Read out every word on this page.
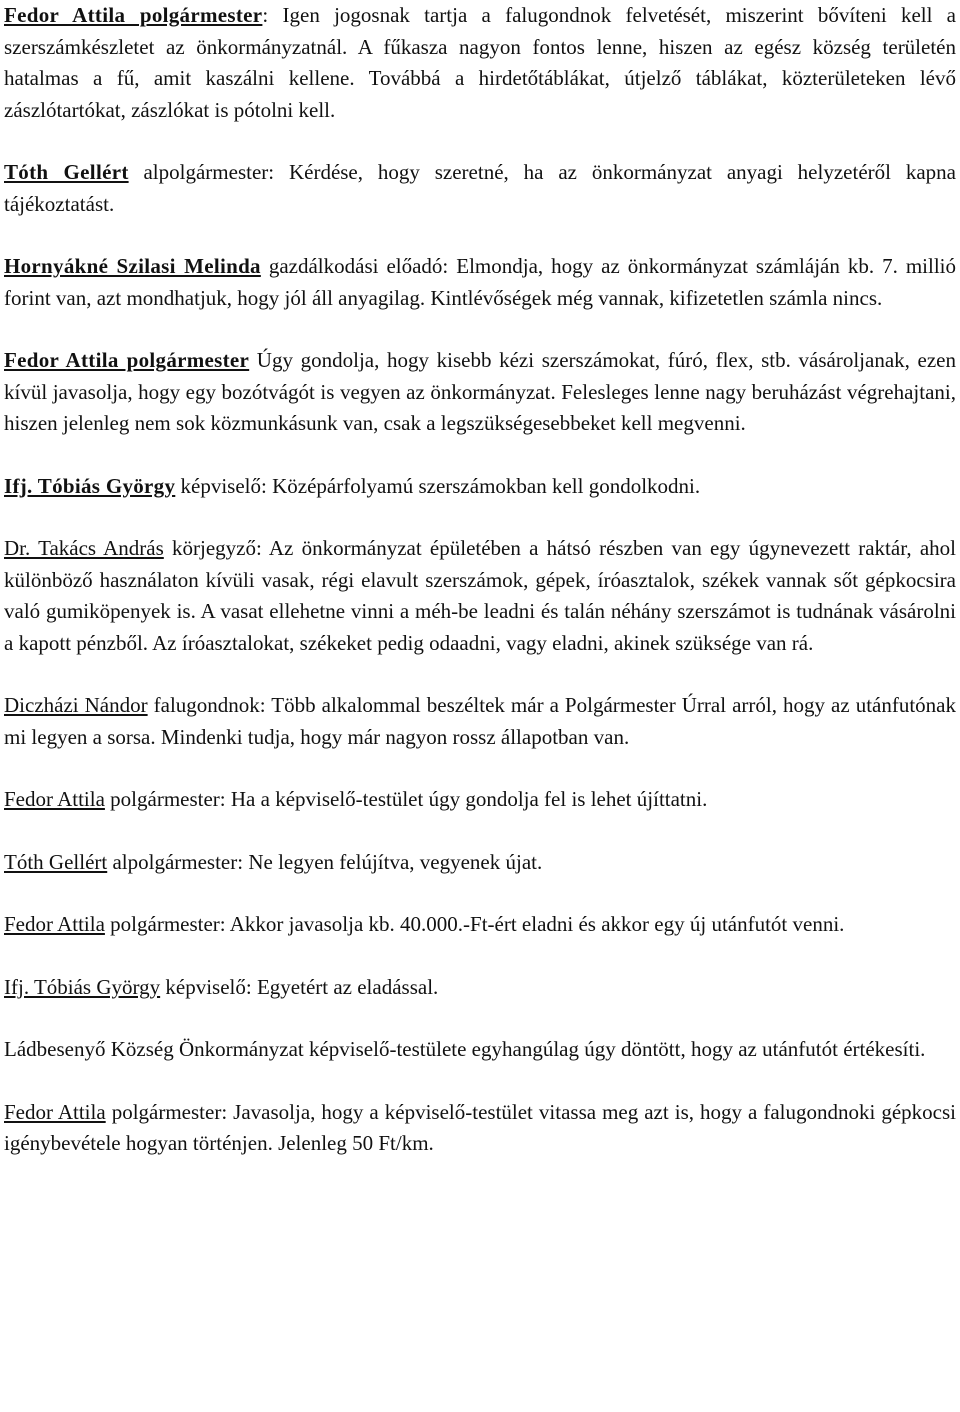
Fedor Attila polgármester: Igen jogosnak tartja a falugondnok felvetését, miszerint bővíteni kell a szerszámkészletet az önkormányzatnál. A fűkasza nagyon fontos lenne, hiszen az egész község területén hatalmas a fű, amit kaszálni kellene. Továbbá a hirdetőtáblákat, útjelző táblákat, közterületeken lévő zászlótartókat, zászlókat is pótolni kell.

Tóth Gellért alpolgármester: Kérdése, hogy szeretné, ha az önkormányzat anyagi helyzetéről kapna tájékoztatást.

Hornyákné Szilasi Melinda gazdálkodási előadó: Elmondja, hogy az önkormányzat számláján kb. 7. millió forint van, azt mondhatjuk, hogy jól áll anyagilag. Kintlévőségek még vannak, kifizetetlen számla nincs.

Fedor Attila polgármester Úgy gondolja, hogy kisebb kézi szerszámokat, fúró, flex, stb. vásároljanak, ezen kívül javasolja, hogy egy bozótvágót is vegyen az önkormányzat. Felesleges lenne nagy beruházást végrehajtani, hiszen jelenleg nem sok közmunkásunk van, csak a legszükségesebbeket kell megvenni.

Ifj. Tóbiás György képviselő: Középárfolyamú szerszámokban kell gondolkodni.

Dr. Takács András körjegyző: Az önkormányzat épületében a hátsó részben van egy úgynevezett raktár, ahol különböző használaton kívüli vasak, régi elavult szerszámok, gépek, íróasztalok, székek vannak sőt gépkocsira való gumiköpenyek is. A vasat ellehetne vinni a méh-be leadni és talán néhány szerszámot is tudnának vásárolni a kapott pénzből. Az íróasztalokat, székeket pedig odaadni, vagy eladni, akinek szüksége van rá.

Diczházi Nándor falugondnok: Több alkalommal beszéltek már a Polgármester Úrral arról, hogy az utánfutónak mi legyen a sorsa. Mindenki tudja, hogy már nagyon rossz állapotban van.

Fedor Attila polgármester: Ha a képviselő-testület úgy gondolja fel is lehet újíttatni.

Tóth Gellért alpolgármester: Ne legyen felújítva, vegyenek újat.

Fedor Attila polgármester: Akkor javasolja kb. 40.000.-Ft-ért eladni és akkor egy új utánfutót venni.

Ifj. Tóbiás György képviselő: Egyetért az eladással.

Ládbesenyő Község Önkormányzat képviselő-testülete egyhangúlag úgy döntött, hogy az utánfutót értékesíti.

Fedor Attila polgármester: Javasolja, hogy a képviselő-testület vitassa meg azt is, hogy a falugondnoki gépkocsi igénybevétele hogyan történjen. Jelenleg 50 Ft/km.
